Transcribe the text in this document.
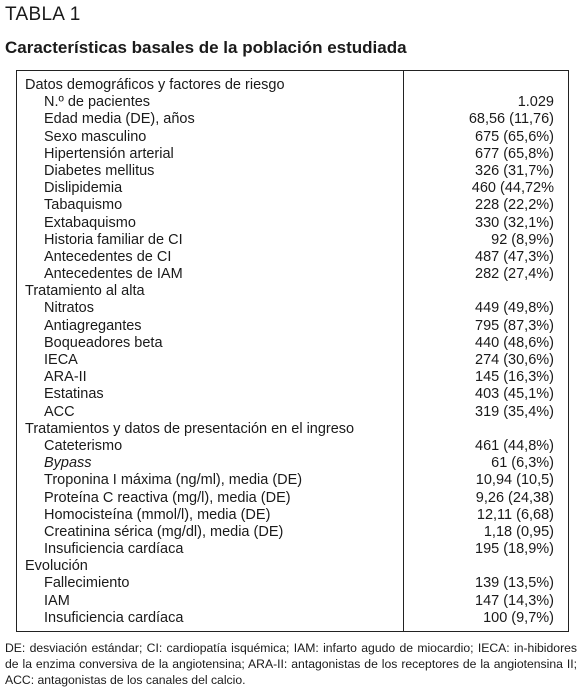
TABLA 1
Características basales de la población estudiada
Datos demográficos y factores de riesgo
N.º de pacientes	1.029
Edad media (DE), años	68,56 (11,76)
Sexo masculino	675 (65,6%)
Hipertensión arterial	677 (65,8%)
Diabetes mellitus	326 (31,7%)
Dislipidemia	460 (44,72%
Tabaquismo	228 (22,2%)
Extabaquismo	330 (32,1%)
Historia familiar de CI	92 (8,9%)
Antecedentes de CI	487 (47,3%)
Antecedentes de IAM	282 (27,4%)
Tratamiento al alta
Nitratos	449 (49,8%)
Antiagregantes	795 (87,3%)
Boqueadores beta	440 (48,6%)
IECA	274 (30,6%)
ARA-II	145 (16,3%)
Estatinas	403 (45,1%)
ACC	319 (35,4%)
Tratamientos y datos de presentación en el ingreso
Cateterismo	461 (44,8%)
Bypass	61 (6,3%)
Troponina I máxima (ng/ml), media (DE)	10,94 (10,5)
Proteína C reactiva (mg/l), media (DE)	9,26 (24,38)
Homocisteína (mmol/l), media (DE)	12,11 (6,68)
Creatinina sérica (mg/dl), media (DE)	1,18 (0,95)
Insuficiencia cardíaca	195 (18,9%)
Evolución
Fallecimiento	139 (13,5%)
IAM	147 (14,3%)
Insuficiencia cardíaca	100 (9,7%)
DE: desviación estándar; CI: cardiopatía isquémica; IAM: infarto agudo de miocardio; IECA: in-hibidores de la enzima conversiva de la angiotensina; ARA-II: antagonistas de los receptores de la angiotensina II; ACC: antagonistas de los canales del calcio.
